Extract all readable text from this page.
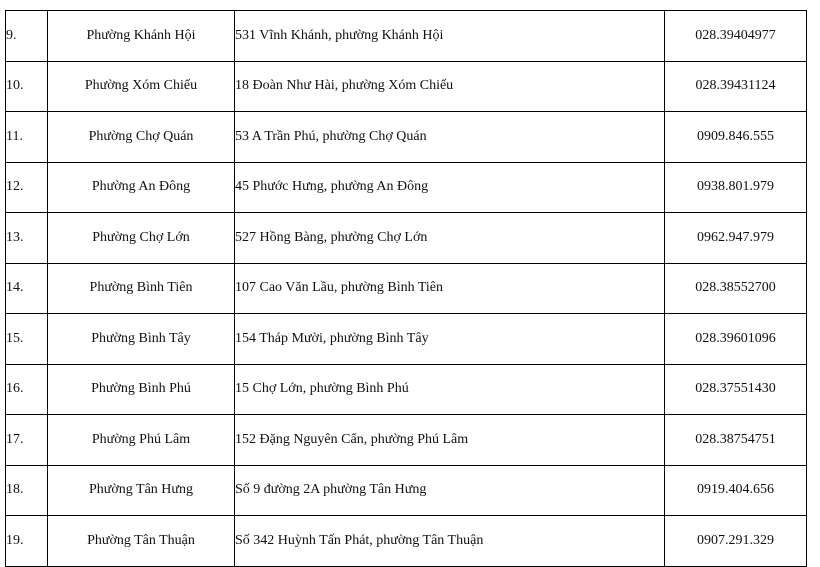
9.	Phường Khánh Hội	531 Vĩnh Khánh, phường Khánh Hội	028.39404977
10.	Phường Xóm Chiếu	18 Đoàn Như Hài, phường Xóm Chiếu	028.39431124
11.	Phường Chợ Quán	53 A Trần Phú, phường Chợ Quán	0909.846.555
12.	Phường An Đông	45 Phước Hưng, phường An Đông	0938.801.979
13.	Phường Chợ Lớn	527 Hồng Bàng, phường Chợ Lớn	0962.947.979
14.	Phường Bình Tiên	107 Cao Văn Lầu, phường Bình Tiên	028.38552700
15.	Phường Bình Tây	154 Tháp Mười, phường Bình Tây	028.39601096
16.	Phường Bình Phú	15 Chợ Lớn, phường Bình Phú	028.37551430
17.	Phường Phú Lâm	152 Đặng Nguyên Cẩn, phường Phú Lâm	028.38754751
18.	Phường Tân Hưng	Số 9 đường 2A phường Tân Hưng	0919.404.656
19.	Phường Tân Thuận	Số 342 Huỳnh Tấn Phát, phường Tân Thuận	0907.291.329
